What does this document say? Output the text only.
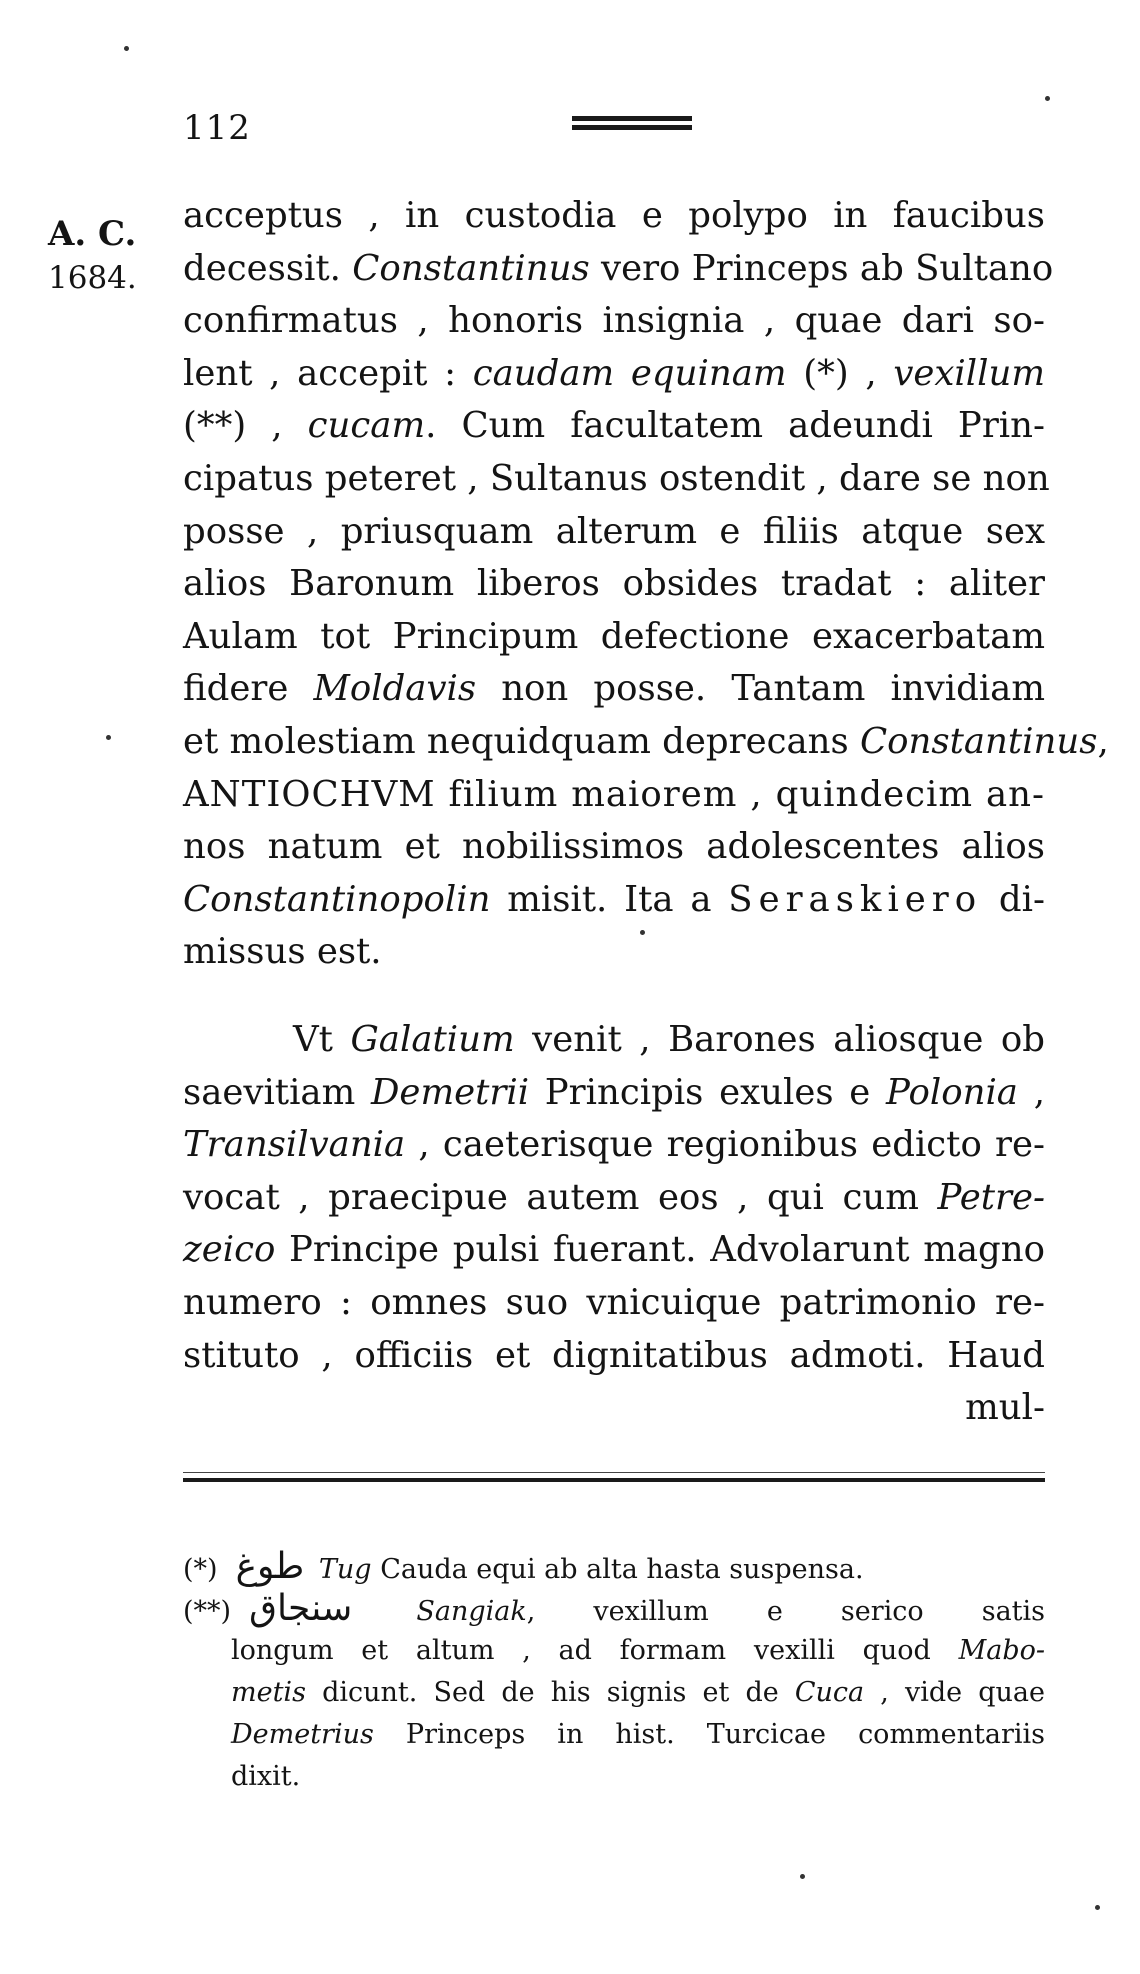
112
A. C.
1684.
acceptus , in custodia e polypo in faucibus
decessit. Constantinus vero Princeps ab Sultano
confirmatus , honoris insignia , quae dari so-
lent , accepit : caudam equinam (*) , vexillum
(**) , cucam. Cum facultatem adeundi Prin-
cipatus peteret , Sultanus ostendit , dare se non
posse , priusquam alterum e filiis atque sex
alios Baronum liberos obsides tradat : aliter
Aulam tot Principum defectione exacerbatam
fidere Moldavis non posse. Tantam invidiam
et molestiam nequidquam deprecans Constantinus,
ANTIOCHVM filium maiorem , quindecim an-
nos natum et nobilissimos adolescentes alios
Constantinopolin misit. Ita a Seraskiero di-
missus est.
Vt Galatium venit , Barones aliosque ob
saevitiam Demetrii Principis exules e Polonia ,
Transilvania , caeterisque regionibus edicto re-
vocat , praecipue autem eos , qui cum Petre-
zeico Principe pulsi fuerant. Advolarunt magno
numero : omnes suo vnicuique patrimonio re-
stituto , officiis et dignitatibus admoti. Haud
mul-
(*) طوغ Tug Cauda equi ab alta hasta suspensa.
(**) سنجاق Sangiak, vexillum e serico satis
longum et altum , ad formam vexilli quod Mabo-
metis dicunt. Sed de his signis et de Cuca , vide quae
Demetrius Princeps in hist. Turcicae commentariis
dixit.
